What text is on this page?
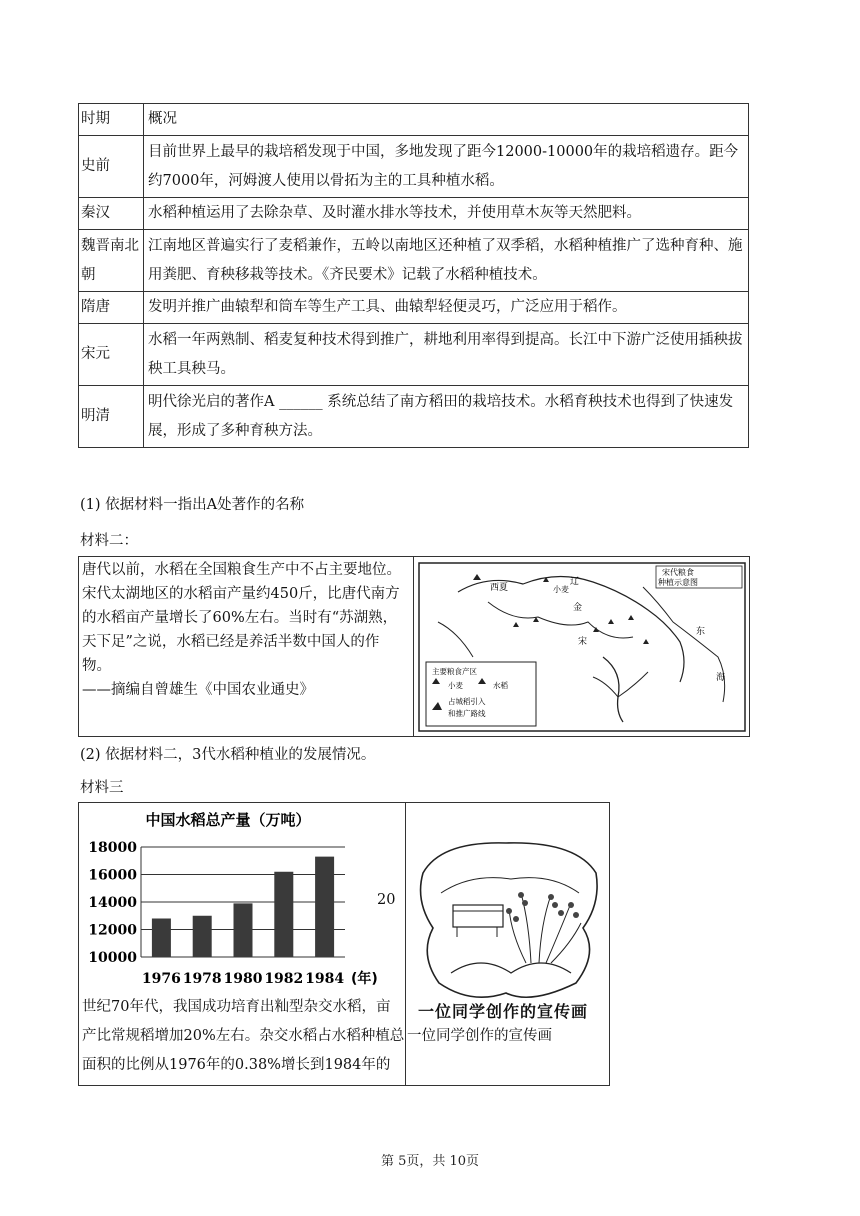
时期	概况
史前	目前世界上最早的栽培稻发现于中国，多地发现了距今12000-10000年的栽培稻遗存。距今约7000年，河姆渡人使用以骨拓为主的工具种植水稻。
秦汉	水稻种植运用了去除杂草、及时灌水排水等技术，并使用草木灰等天然肥料。
魏晋南北朝	江南地区普遍实行了麦稻兼作，五岭以南地区还种植了双季稻，水稻种植推广了选种育种、施用粪肥、育秧移栽等技术。《齐民要术》记载了水稻种植技术。
隋唐	发明并推广曲辕犁和筒车等生产工具、曲辕犁轻便灵巧，广泛应用于稻作。
宋元	水稻一年两熟制、稻麦复种技术得到推广，耕地利用率得到提高。长江中下游广泛使用插秧拔秧工具秧马。
明清	明代徐光启的著作A ______ 系统总结了南方稻田的栽培技术。水稻育秧技术也得到了快速发展，形成了多种育秧方法。
(1) 依据材料一指出A处著作的名称
材料二：
唐代以前，水稻在全国粮食生产中不占主要地位。
宋代太湖地区的水稻亩产量约450斤，比唐代南方
的水稻亩产量增长了60%左右。当时有“苏湖熟，
天下足”之说，水稻已经是养活半数中国人的作
物。
——摘编自曾雄生《中国农业通史》
宋代粮食
种植示意图
辽
西夏	小麦
金
宋
东
海
主要粮食产区
小麦	水稻
占城稻引入
和推广路线
(2) 依据材料二，3代水稻种植业的发展情况。
材料三
中国水稻总产量（万吨）
18000
16000
14000
12000
10000
1976 1978 1980 1982 1984 (年)
20
世纪70年代，我国成功培育出籼型杂交水稻，亩
产比常规稻增加20%左右。杂交水稻占水稻种植总
面积的比例从1976年的0.38%增长到1984年的
一位同学创作的宣传画
一位同学创作的宣传画
第 5页，共 10页
